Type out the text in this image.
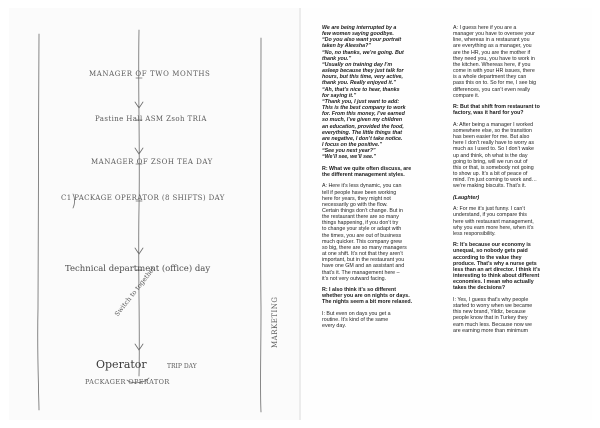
MANAGER OF TWO MONTHS
Pastine Hall ASM Zsoh TRIA
MANAGER OF ZSOH TEA DAY
C1 PACKAGE OPERATOR (8 SHIFTS) DAY
Technical department (office) day
Switch to together
Operator	TRIP DAY
PACKAGER OPERATOR
MARKETING

We are being interrupted by a
few women saying goodbye.
“Do you also want your portrait
taken by Aleesha?”
“No, no thanks, we’re going. But
thank you.”
“Usually on training day I’m
asleep because they just talk for
hours, but this time, very active,
thank you. Really enjoyed it.”
“Ah, that’s nice to hear, thanks
for saying it.”
“Thank you, I just want to add:
This is the best company to work
for. From this money, I’ve earned
so much, I’ve given my children
an education, provided the food,
everything. The little things that
are negative, I don’t take notice.
I focus on the positive.”
“See you next year?”
“We’ll see, we’ll see.”

R: What we quite often discuss, are
the different management styles.

A: Here it’s less dynamic, you can
tell if people have been working
here for years, they might not
necessarily go with the flow.
Certain things don’t change. But in
the restaurant there are so many
things happening, if you don’t try
to change your style or adapt with
the times, you are out of business
much quicker. This company grew
so big, there are so many managers
at one shift. It’s not that they aren’t
important, but in the restaurant you
have one GM and an assistant and
that’s it. The management here –
it’s not very outward facing.

R: I also think it’s so different
whether you are on nights or days.
The nights seem a bit more relaxed.

I: But even on days you get a
routine. It’s kind of the same
every day.

A: I guess here if you are a
manager you have to oversee your
line, whereas in a restaurant you
are everything as a manager, you
are the HR, you are the mother if
they need you, you have to work in
the kitchen. Whereas here, if you
come in with your HR issues, there
is a whole department they can
pass this on to. So for me, I see big
differences, you can’t even really
compare it.

R: But that shift from restaurant to
factory, was it hard for you?

A: After being a manager I worked
somewhere else, so the transition
has been easier for me. But also
here I don’t really have to worry as
much as I used to. So I don’t wake
up and think, oh what is the day
going to bring, will we run out of
this or that, is somebody not going
to show up. It’s a bit of peace of
mind. I’m just coming to work and…
we’re making biscuits. That’s it.

(Laughter)

A: For me it’s just funny. I can’t
understand, if you compare this
here with restaurant management,
why you earn more here, when it’s
less responsibility.

R: It’s because our economy is
unequal, so nobody gets paid
according to the value they
produce. That’s why a nurse gets
less than an art director. I think it’s
interesting to think about different
economies. I mean who actually
takes the decisions?

I: Yes, I guess that’s why people
started to worry when we became
this new brand, Yildiz, because
people know that in Turkey they
earn much less. Because now we
are earning more than minimum
